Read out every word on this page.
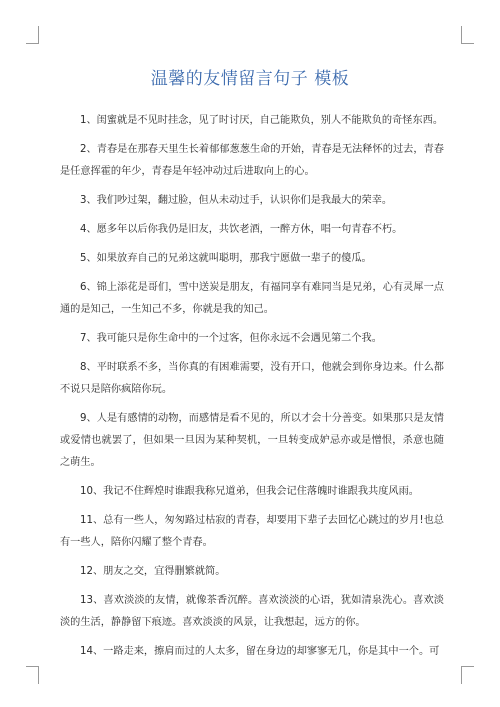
温馨的友情留言句子 模板

1、闺蜜就是不见时挂念，见了时讨厌，自己能欺负，别人不能欺负的奇怪东西。

2、青春是在那春天里生长着郁郁葱葱生命的开始，青春是无法释怀的过去，青春是任意挥霍的年少，青春是年轻冲动过后进取向上的心。

3、我们吵过架，翻过脸，但从未动过手，认识你们是我最大的荣幸。

4、愿多年以后你我仍是旧友，共饮老酒，一醉方休，唱一句青春不朽。

5、如果放弃自己的兄弟这就叫聪明，那我宁愿做一辈子的傻瓜。

6、锦上添花是哥们，雪中送炭是朋友，有福同享有难同当是兄弟，心有灵犀一点通的是知己，一生知己不多，你就是我的知己。

7、我可能只是你生命中的一个过客，但你永远不会遇见第二个我。

8、平时联系不多，当你真的有困难需要，没有开口，他就会到你身边来。什么都不说只是陪你疯陪你玩。

9、人是有感情的动物，而感情是看不见的，所以才会十分善变。如果那只是友情或爱情也就罢了，但如果一旦因为某种契机，一旦转变成妒忌亦或是憎恨，杀意也随之萌生。

10、我记不住辉煌时谁跟我称兄道弟，但我会记住落魄时谁跟我共度风雨。

11、总有一些人，匆匆路过枯寂的青春，却要用下辈子去回忆心跳过的岁月!也总有一些人，陪你闪耀了整个青春。

12、朋友之交，宜得删繁就简。

13、喜欢淡淡的友情，就像茶香沉醉。喜欢淡淡的心语，犹如清泉洗心。喜欢淡淡的生活，静静留下痕迹。喜欢淡淡的风景，让我想起，远方的你。

14、一路走来，擦肩而过的人太多，留在身边的却寥寥无几，你是其中一个。可
